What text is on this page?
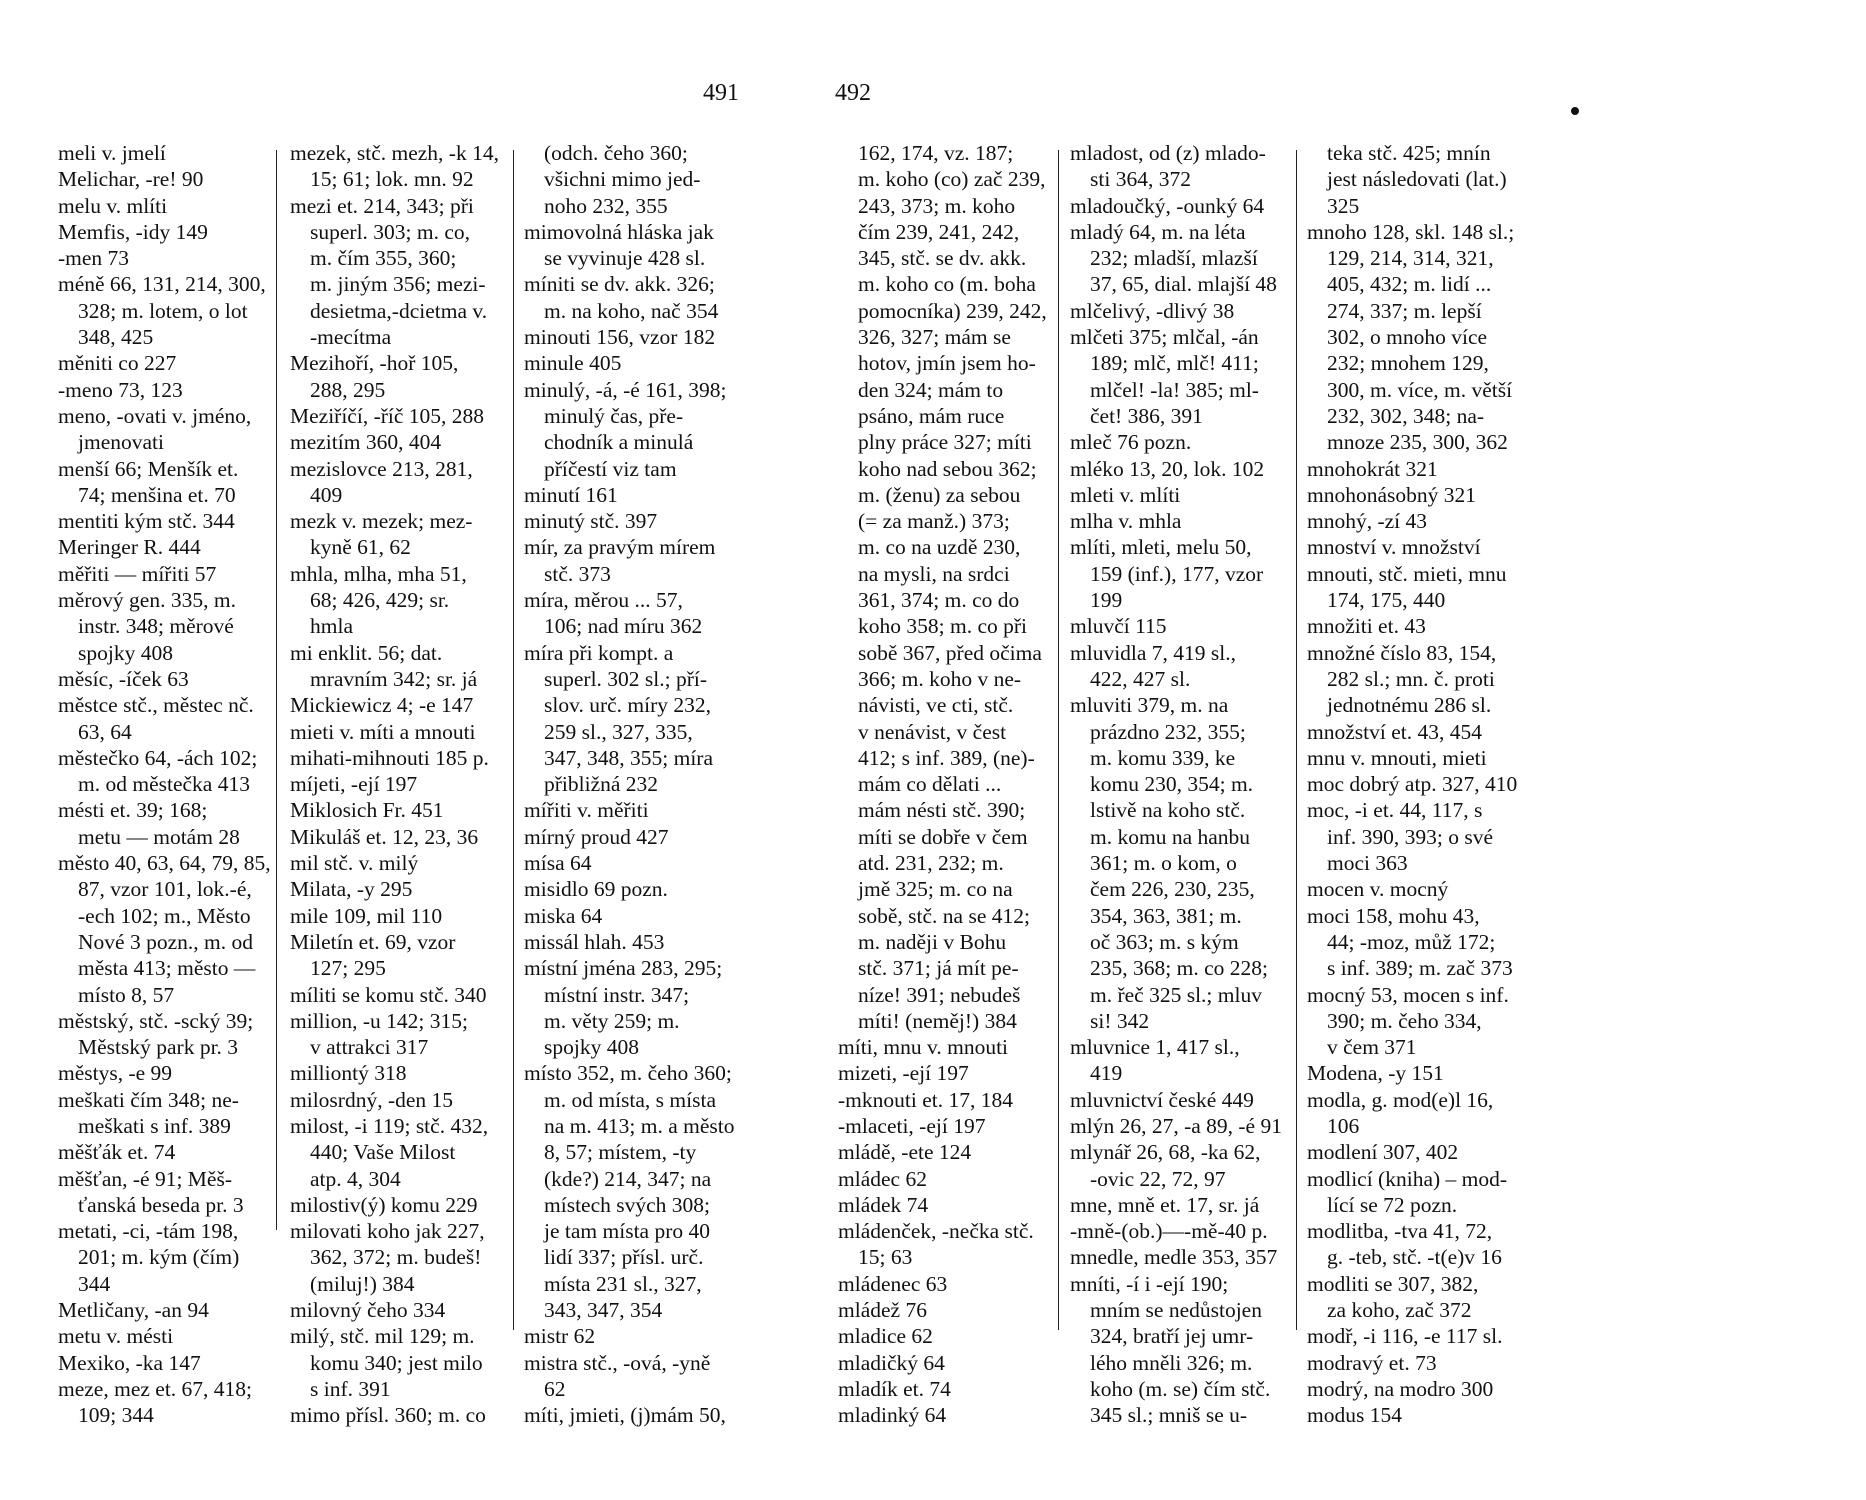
491	492
meli v. jmelí
Melichar, -re! 90
melu v. mlíti
Memfis, -idy 149
-men 73
méně 66, 131, 214, 300,
328; m. lotem, o lot
348, 425
měniti co 227
-meno 73, 123
meno, -ovati v. jméno,
jmenovati
menší 66; Menšík et.
74; menšina et. 70
mentiti kým stč. 344
Meringer R. 444
měřiti — mířiti 57
měrový gen. 335, m.
instr. 348; měrové
spojky 408
měsíc, -íček 63
městce stč., městec nč.
63, 64
městečko 64, -ách 102;
m. od městečka 413
mésti et. 39; 168;
metu — motám 28
město 40, 63, 64, 79, 85,
87, vzor 101, lok.-é,
-ech 102; m., Město
Nové 3 pozn., m. od
města 413; město —
místo 8, 57
městský, stč. -scký 39;
Městský park pr. 3
městys, -e 99
meškati čím 348; ne-
meškati s inf. 389
měšťák et. 74
měšťan, -é 91; Měš-
ťanská beseda pr. 3
metati, -ci, -tám 198,
201; m. kým (čím)
344
Metličany, -an 94
metu v. mésti
Mexiko, -ka 147
meze, mez et. 67, 418;
109; 344
mezek, stč. mezh, -k 14,
15; 61; lok. mn. 92
mezi et. 214, 343; při
superl. 303; m. co,
m. čím 355, 360;
m. jiným 356; mezi-
desietma,-dcietma v.
-mecítma
Mezihoří, -hoř 105,
288, 295
Meziříčí, -říč 105, 288
mezitím 360, 404
mezislovce 213, 281,
409
mezk v. mezek; mez-
kyně 61, 62
mhla, mlha, mha 51,
68; 426, 429; sr.
hmla
mi enklit. 56; dat.
mravním 342; sr. já
Mickiewicz 4; -e 147
mieti v. míti a mnouti
mihati-mihnouti 185 p.
míjeti, -ejí 197
Miklosich Fr. 451
Mikuláš et. 12, 23, 36
mil stč. v. milý
Milata, -y 295
mile 109, mil 110
Miletín et. 69, vzor
127; 295
míliti se komu stč. 340
million, -u 142; 315;
v attrakci 317
milliontý 318
milosrdný, -den 15
milost, -i 119; stč. 432,
440; Vaše Milost
atp. 4, 304
milostiv(ý) komu 229
milovati koho jak 227,
362, 372; m. budeš!
(miluj!) 384
milovný čeho 334
milý, stč. mil 129; m.
komu 340; jest milo
s inf. 391
mimo přísl. 360; m. co
(odch. čeho 360;
všichni mimo jed-
noho 232, 355
mimovolná hláska jak
se vyvinuje 428 sl.
míniti se dv. akk. 326;
m. na koho, nač 354
minouti 156, vzor 182
minule 405
minulý, -á, -é 161, 398;
minulý čas, pře-
chodník a minulá
příčestí viz tam
minutí 161
minutý stč. 397
mír, za pravým mírem
stč. 373
míra, měrou ... 57,
106; nad míru 362
míra při kompt. a
superl. 302 sl.; pří-
slov. urč. míry 232,
259 sl., 327, 335,
347, 348, 355; míra
přibližná 232
mířiti v. měřiti
mírný proud 427
mísa 64
misidlo 69 pozn.
miska 64
missál hlah. 453
místní jména 283, 295;
místní instr. 347;
m. věty 259; m.
spojky 408
místo 352, m. čeho 360;
m. od místa, s místa
na m. 413; m. a město
8, 57; místem, -ty
(kde?) 214, 347; na
místech svých 308;
je tam místa pro 40
lidí 337; přísl. urč.
místa 231 sl., 327,
343, 347, 354
mistr 62
mistra stč., -ová, -yně
62
míti, jmieti, (j)mám 50,
162, 174, vz. 187;
m. koho (co) zač 239,
243, 373; m. koho
čím 239, 241, 242,
345, stč. se dv. akk.
m. koho co (m. boha
pomocníka) 239, 242,
326, 327; mám se
hotov, jmín jsem ho-
den 324; mám to
psáno, mám ruce
plny práce 327; míti
koho nad sebou 362;
m. (ženu) za sebou
(= za manž.) 373;
m. co na uzdě 230,
na mysli, na srdci
361, 374; m. co do
koho 358; m. co při
sobě 367, před očima
366; m. koho v ne-
návisti, ve cti, stč.
v nenávist, v čest
412; s inf. 389, (ne)-
mám co dělati ...
mám nésti stč. 390;
míti se dobře v čem
atd. 231, 232; m.
jmě 325; m. co na
sobě, stč. na se 412;
m. naději v Bohu
stč. 371; já mít pe-
níze! 391; nebudeš
míti! (neměj!) 384
míti, mnu v. mnouti
mizeti, -ejí 197
-mknouti et. 17, 184
-mlaceti, -ejí 197
mládě, -ete 124
mládec 62
mládek 74
mládenček, -nečka stč.
15; 63
mládenec 63
mládež 76
mladice 62
mladičký 64
mladík et. 74
mladinký 64
mladost, od (z) mlado-
sti 364, 372
mladoučký, -ounký 64
mladý 64, m. na léta
232; mladší, mlazší
37, 65, dial. mlajší 48
mlčelivý, -dlivý 38
mlčeti 375; mlčal, -án
189; mlč, mlč! 411;
mlčel! -la! 385; ml-
čet! 386, 391
mleč 76 pozn.
mléko 13, 20, lok. 102
mleti v. mlíti
mlha v. mhla
mlíti, mleti, melu 50,
159 (inf.), 177, vzor
199
mluvčí 115
mluvidla 7, 419 sl.,
422, 427 sl.
mluviti 379, m. na
prázdno 232, 355;
m. komu 339, ke
komu 230, 354; m.
lstivě na koho stč.
m. komu na hanbu
361; m. o kom, o
čem 226, 230, 235,
354, 363, 381; m.
oč 363; m. s kým
235, 368; m. co 228;
m. řeč 325 sl.; mluv
si! 342
mluvnice 1, 417 sl.,
419
mluvnictví české 449
mlýn 26, 27, -a 89, -é 91
mlynář 26, 68, -ka 62,
-ovic 22, 72, 97
mne, mně et. 17, sr. já
-mně-(ob.)—-mě-40 p.
mnedle, medle 353, 357
mníti, -í i -ejí 190;
mním se nedůstojen
324, bratří jej umr-
lého mněli 326; m.
koho (m. se) čím stč.
345 sl.; mniš se u-
teka stč. 425; mnín
jest následovati (lat.)
325
mnoho 128, skl. 148 sl.;
129, 214, 314, 321,
405, 432; m. lidí ...
274, 337; m. lepší
302, o mnoho více
232; mnohem 129,
300, m. více, m. větší
232, 302, 348; na-
mnoze 235, 300, 362
mnohokrát 321
mnohonásobný 321
mnohý, -zí 43
mnoství v. množství
mnouti, stč. mieti, mnu
174, 175, 440
množiti et. 43
množné číslo 83, 154,
282 sl.; mn. č. proti
jednotnému 286 sl.
množství et. 43, 454
mnu v. mnouti, mieti
moc dobrý atp. 327, 410
moc, -i et. 44, 117, s
inf. 390, 393; o své
moci 363
mocen v. mocný
moci 158, mohu 43,
44; -moz, můž 172;
s inf. 389; m. zač 373
mocný 53, mocen s inf.
390; m. čeho 334,
v čem 371
Modena, -y 151
modla, g. mod(e)l 16,
106
modlení 307, 402
modlicí (kniha) – mod-
lící se 72 pozn.
modlitba, -tva 41, 72,
g. -teb, stč. -t(e)v 16
modliti se 307, 382,
za koho, zač 372
modř, -i 116, -e 117 sl.
modravý et. 73
modrý, na modro 300
modus 154
